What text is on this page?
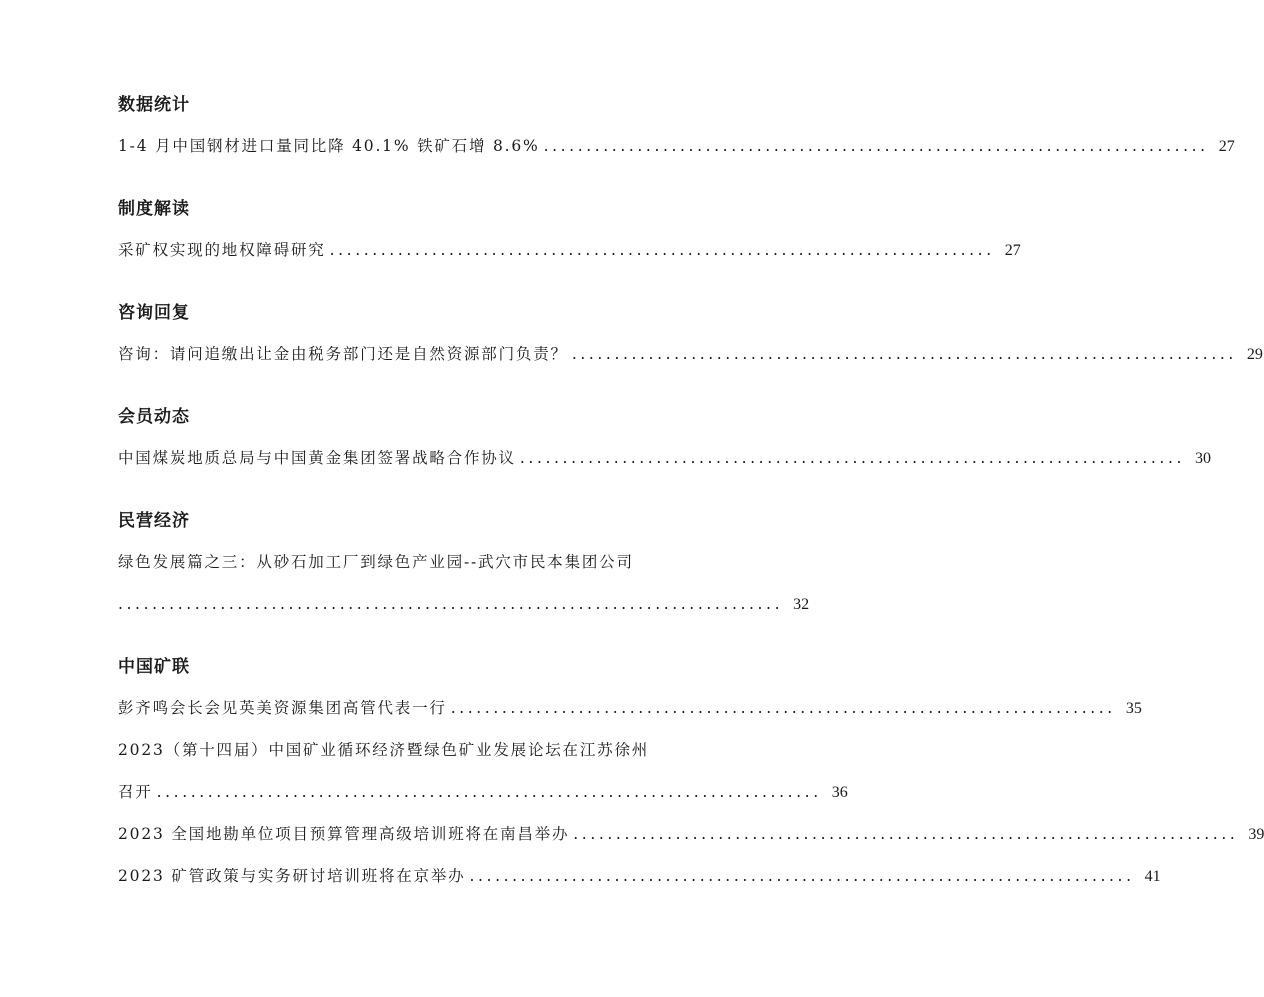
数据统计
1-4 月中国钢材进口量同比降 40.1% 铁矿石增 8.6% .............................................................................. 27
制度解读
采矿权实现的地权障碍研究 .............................................................................. 27
咨询回复
咨询：请问追缴出让金由税务部门还是自然资源部门负责？ .............................................................................. 29
会员动态
中国煤炭地质总局与中国黄金集团签署战略合作协议 .............................................................................. 30
民营经济
绿色发展篇之三：从砂石加工厂到绿色产业园--武穴市民本集团公司
.............................................................................. 32
中国矿联
彭齐鸣会长会见英美资源集团高管代表一行 .............................................................................. 35
2023（第十四届）中国矿业循环经济暨绿色矿业发展论坛在江苏徐州
召开 .............................................................................. 36
2023 全国地勘单位项目预算管理高级培训班将在南昌举办 .............................................................................. 39
2023 矿管政策与实务研讨培训班将在京举办 .............................................................................. 41
